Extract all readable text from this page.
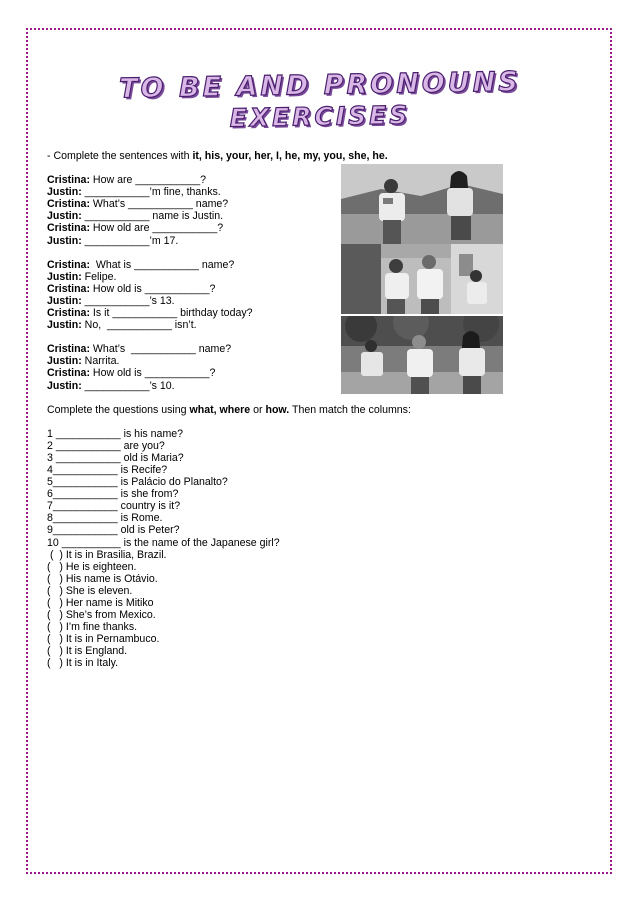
TO BE AND PRONOUNS
EXERCISES
- Complete the sentences with it, his, your, her, I, he, my, you, she, he.
Cristina: How are ___________?
Justin: ___________’m fine, thanks.
Cristina: What’s ___________ name?
Justin: ___________ name is Justin.
Cristina: How old are ___________?
Justin: ___________’m 17.
Cristina:  What is ___________ name?
Justin: Felipe.
Cristina: How old is ___________?
Justin: ___________’s 13.
Cristina: Is it ___________ birthday today?
Justin: No,  ___________ isn’t.
Cristina: What’s  ___________ name?
Justin: Narrita.
Cristina: How old is ___________?
Justin: ___________’s 10.
Complete the questions using what, where or how. Then match the columns:
1 ___________ is his name?
2 ___________ are you?
3 ___________ old is Maria?
4___________ is Recife?
5___________ is Palácio do Planalto?
6___________ is she from?
7___________ country is it?
8___________ is Rome.
9___________ old is Peter?
10 __________ is the name of the Japanese girl?
(  ) It is in Brasilia, Brazil.
(   ) He is eighteen.
(   ) His name is Otávio.
(   ) She is eleven.
(   ) Her name is Mitiko
(   ) She’s from Mexico.
(   ) I’m fine thanks.
(   ) It is in Pernambuco.
(   ) It is England.
(   ) It is in Italy.
